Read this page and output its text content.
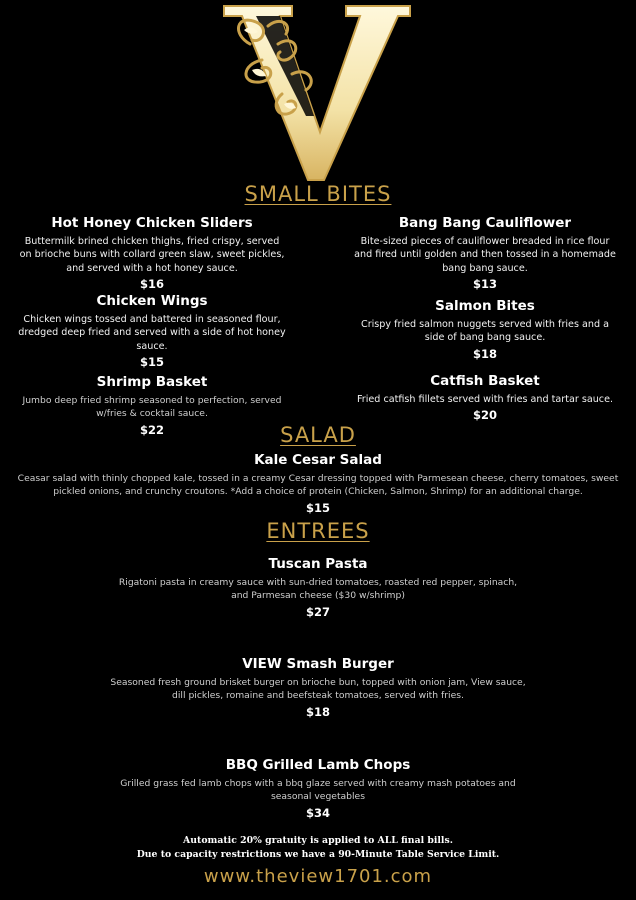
SMALL BITES
Hot Honey Chicken Sliders
Buttermilk brined chicken thighs, fried crispy, served on brioche buns with collard green slaw, sweet pickles, and served with a hot honey sauce.
$16
Chicken Wings
Chicken wings tossed and battered in seasoned flour, dredged deep fried and served with a side of hot honey sauce.
$15
Shrimp Basket
Jumbo deep fried shrimp seasoned to perfection, served w/fries & cocktail sauce.
$22
Bang Bang Cauliflower
Bite-sized pieces of cauliflower breaded in rice flour and fired until golden and then tossed in a homemade bang bang sauce.
$13
Salmon Bites
Crispy fried salmon nuggets served with fries and a side of bang bang sauce.
$18
Catfish Basket
Fried catfish fillets served with fries and tartar sauce.
$20
SALAD
Kale Cesar Salad
Ceasar salad with thinly chopped kale, tossed in a creamy Cesar dressing topped with Parmesean cheese, cherry tomatoes, sweet pickled onions, and crunchy croutons. *Add a choice of protein (Chicken, Salmon, Shrimp) for an additional charge.
$15
ENTREES
Tuscan Pasta
Rigatoni pasta in creamy sauce with sun-dried tomatoes, roasted red pepper, spinach, and Parmesan cheese ($30 w/shrimp)
$27
VIEW Smash Burger
Seasoned fresh ground brisket burger on brioche bun, topped with onion jam, View sauce, dill pickles, romaine and beefsteak tomatoes, served with fries.
$18
BBQ Grilled Lamb Chops
Grilled grass fed lamb chops with a bbq glaze served with creamy mash potatoes and seasonal vegetables
$34
Automatic 20% gratuity is applied to ALL final bills.
Due to capacity restrictions we have a 90-Minute Table Service Limit.
www.theview1701.com
